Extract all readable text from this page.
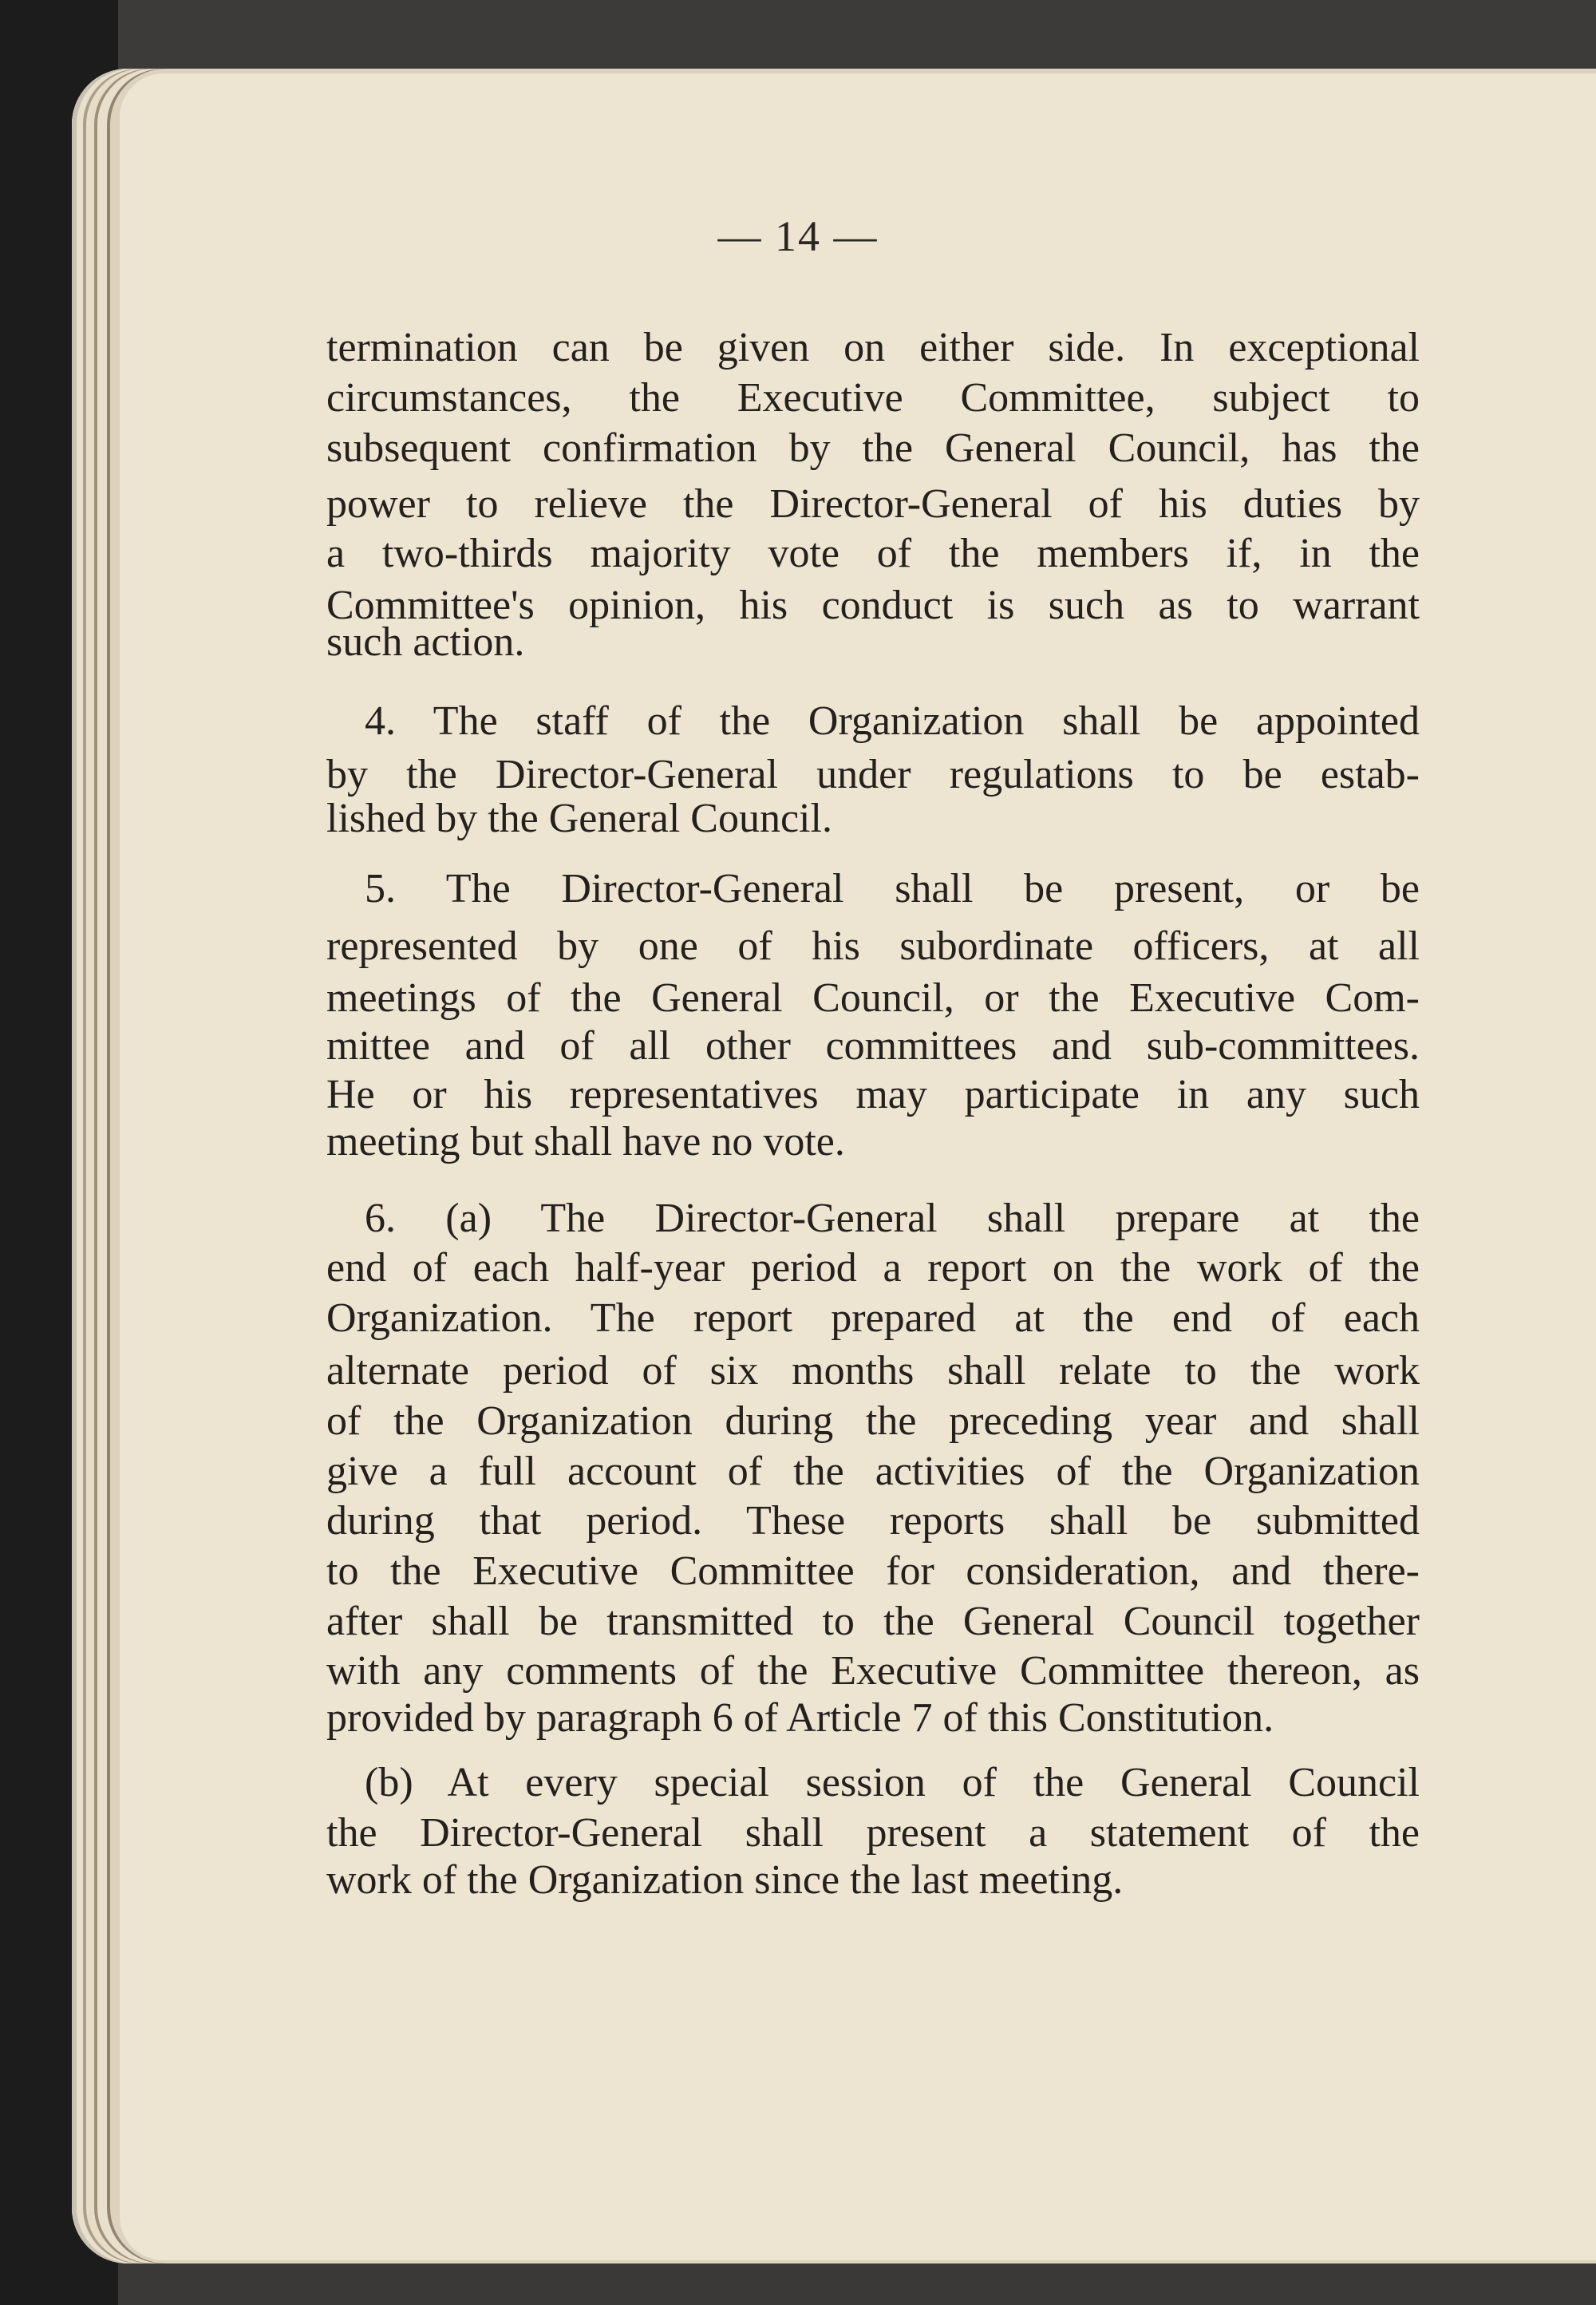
— 14 —
termination can be given on either side. In exceptional
circumstances, the Executive Committee, subject to
subsequent confirmation by the General Council, has the
power to relieve the Director-General of his duties by
a two-thirds majority vote of the members if, in the
Committee's opinion, his conduct is such as to warrant
such action.
4. The staff of the Organization shall be appointed
by the Director-General under regulations to be estab-
lished by the General Council.
5. The Director-General shall be present, or be
represented by one of his subordinate officers, at all
meetings of the General Council, or the Executive Com-
mittee and of all other committees and sub-committees.
He or his representatives may participate in any such
meeting but shall have no vote.
6. (a) The Director-General shall prepare at the
end of each half-year period a report on the work of the
Organization. The report prepared at the end of each
alternate period of six months shall relate to the work
of the Organization during the preceding year and shall
give a full account of the activities of the Organization
during that period. These reports shall be submitted
to the Executive Committee for consideration, and there-
after shall be transmitted to the General Council together
with any comments of the Executive Committee thereon, as
provided by paragraph 6 of Article 7 of this Constitution.
(b) At every special session of the General Council
the Director-General shall present a statement of the
work of the Organization since the last meeting.
